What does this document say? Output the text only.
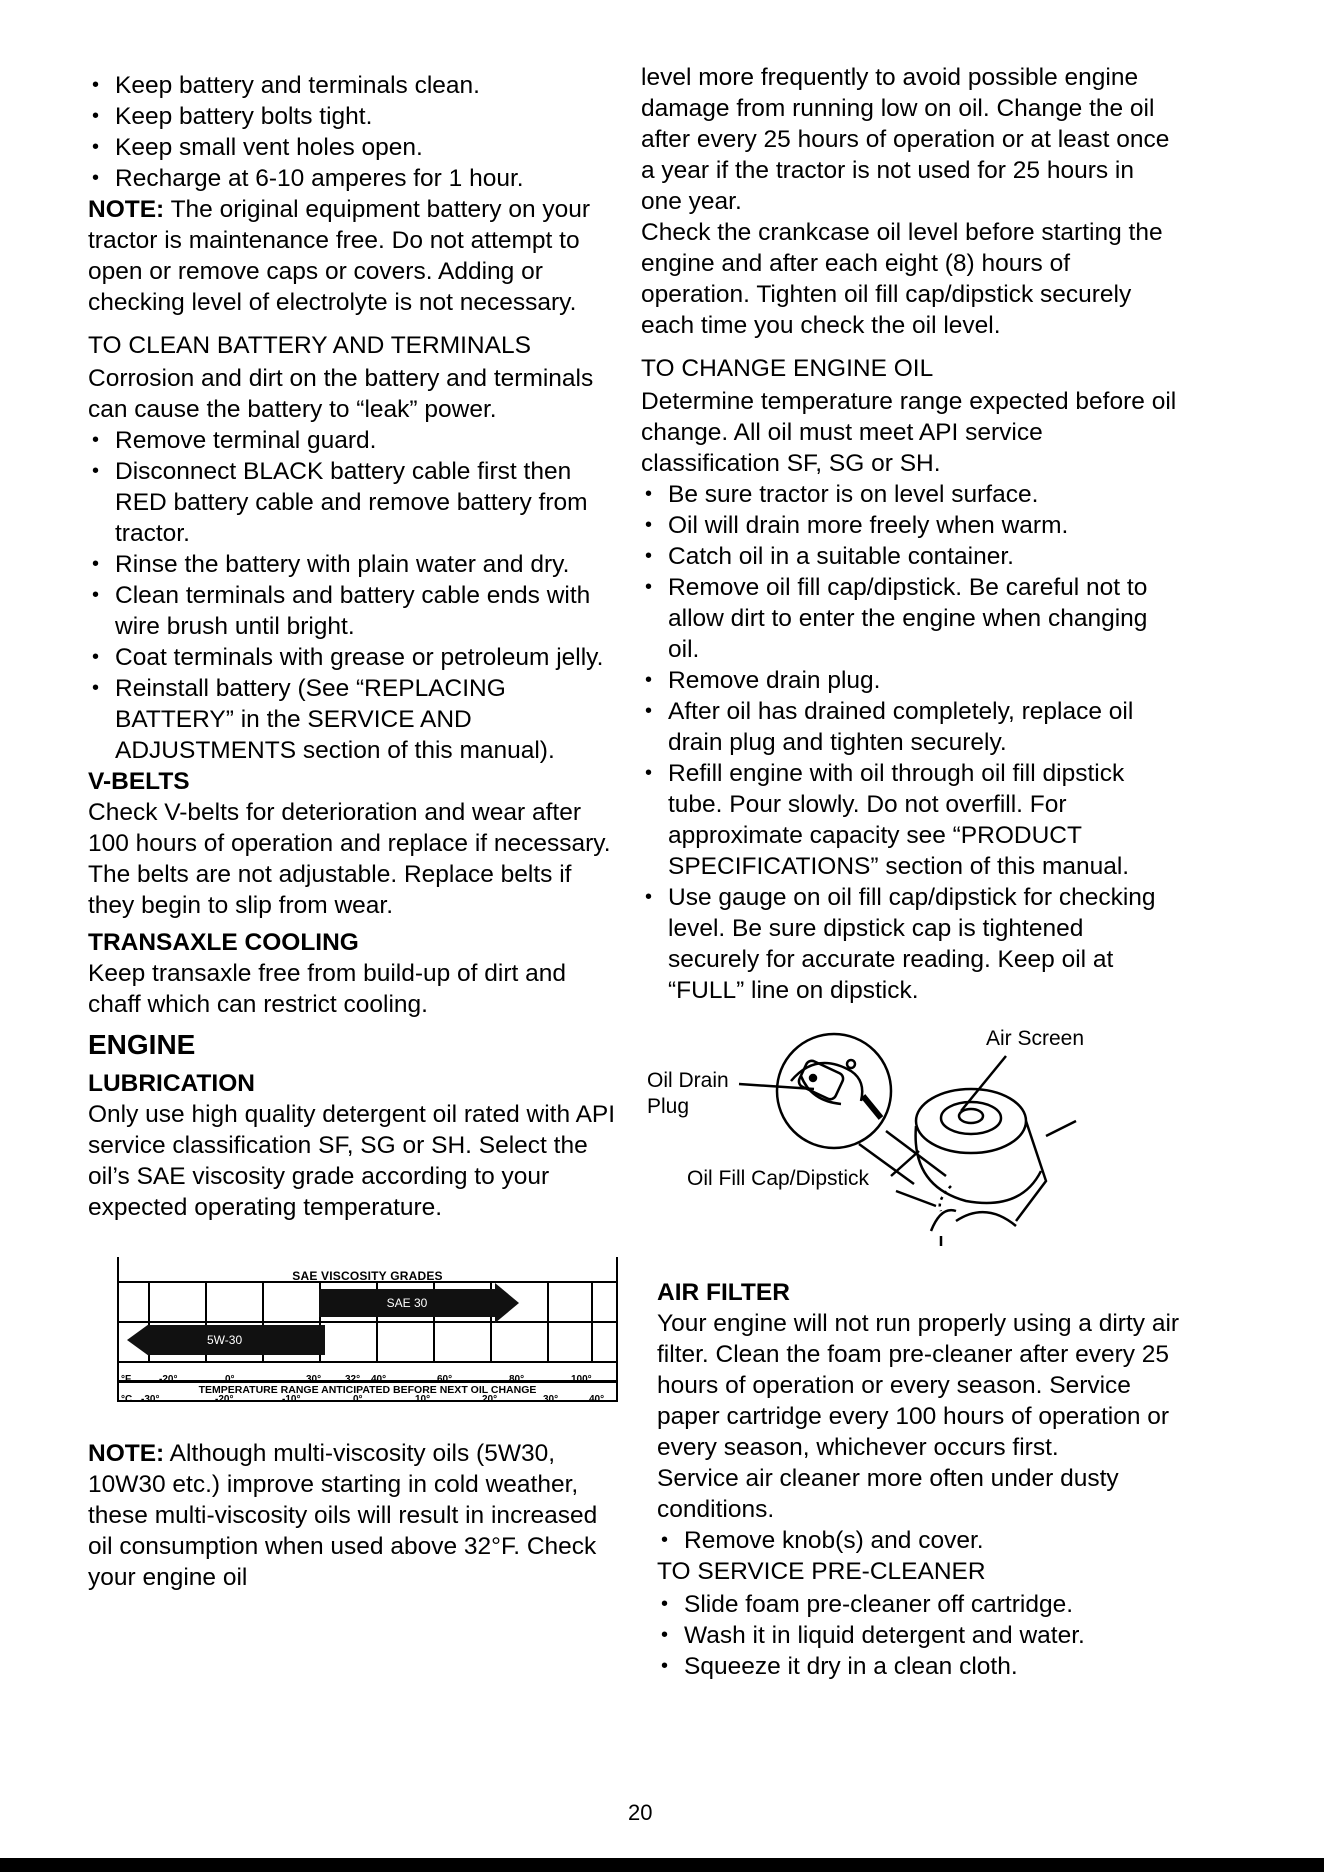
• Keep battery and terminals clean.
• Keep battery bolts tight.
• Keep small vent holes open.
• Recharge at 6-10 amperes for 1 hour.

NOTE: The original equipment battery on your tractor is maintenance free. Do not attempt to open or remove caps or covers. Adding or checking level of electrolyte is not necessary.

TO CLEAN BATTERY AND TERMINALS

Corrosion and dirt on the battery and terminals can cause the battery to “leak” power.

• Remove terminal guard.
• Disconnect BLACK battery cable first then RED battery cable and remove battery from tractor.
• Rinse the battery with plain water and dry.
• Clean terminals and battery cable ends with wire brush until bright.
• Coat terminals with grease or petroleum jelly.
• Reinstall battery (See “REPLACING BATTERY” in the SERVICE AND ADJUSTMENTS section of this manual).

V-BELTS

Check V-belts for deterioration and wear after 100 hours of operation and replace if necessary. The belts are not adjustable. Replace belts if they begin to slip from wear.

TRANSAXLE COOLING

Keep transaxle free from build-up of dirt and chaff which can restrict cooling.

ENGINE

LUBRICATION

Only use high quality detergent oil rated with API service classification SF, SG or SH. Select the oil’s SAE viscosity grade according to your expected operating temperature.

SAE VISCOSITY GRADES
SAE 30
5W-30
°F	-20°	0°	30° 32° 40°	60°	80°	100°
°C -30°	-20°	-10°	0°	10°	20°	30°	40°
TEMPERATURE RANGE ANTICIPATED BEFORE NEXT OIL CHANGE

NOTE: Although multi-viscosity oils (5W30, 10W30 etc.) improve starting in cold weather, these multi-viscosity oils will result in increased oil consumption when used above 32°F. Check your engine oil

level more frequently to avoid possible engine damage from running low on oil. Change the oil after every 25 hours of operation or at least once a year if the tractor is not used for 25 hours in one year.

Check the crankcase oil level before starting the engine and after each eight (8) hours of operation. Tighten oil fill cap/dipstick securely each time you check the oil level.

TO CHANGE ENGINE OIL

Determine temperature range expected before oil change. All oil must meet API service classification SF, SG or SH.

• Be sure tractor is on level surface.
• Oil will drain more freely when warm.
• Catch oil in a suitable container.
• Remove oil fill cap/dipstick. Be careful not to allow dirt to enter the engine when changing oil.
• Remove drain plug.
• After oil has drained completely, replace oil drain plug and tighten securely.
• Refill engine with oil through oil fill dipstick tube. Pour slowly. Do not overfill. For approximate capacity see “PRODUCT SPECIFICATIONS” section of this manual.
• Use gauge on oil fill cap/dipstick for checking level. Be sure dipstick cap is tightened securely for accurate reading. Keep oil at “FULL” line on dipstick.
Air Screen
Oil Drain
Plug
Oil Fill Cap/Dipstick

AIR FILTER

Your engine will not run properly using a dirty air filter. Clean the foam pre-cleaner after every 25 hours of operation or every season. Service paper cartridge every 100 hours of operation or every season, whichever occurs first.

Service air cleaner more often under dusty conditions.

• Remove knob(s) and cover.

TO SERVICE PRE-CLEANER

• Slide foam pre-cleaner off cartridge.
• Wash it in liquid detergent and water.
• Squeeze it dry in a clean cloth.
20
